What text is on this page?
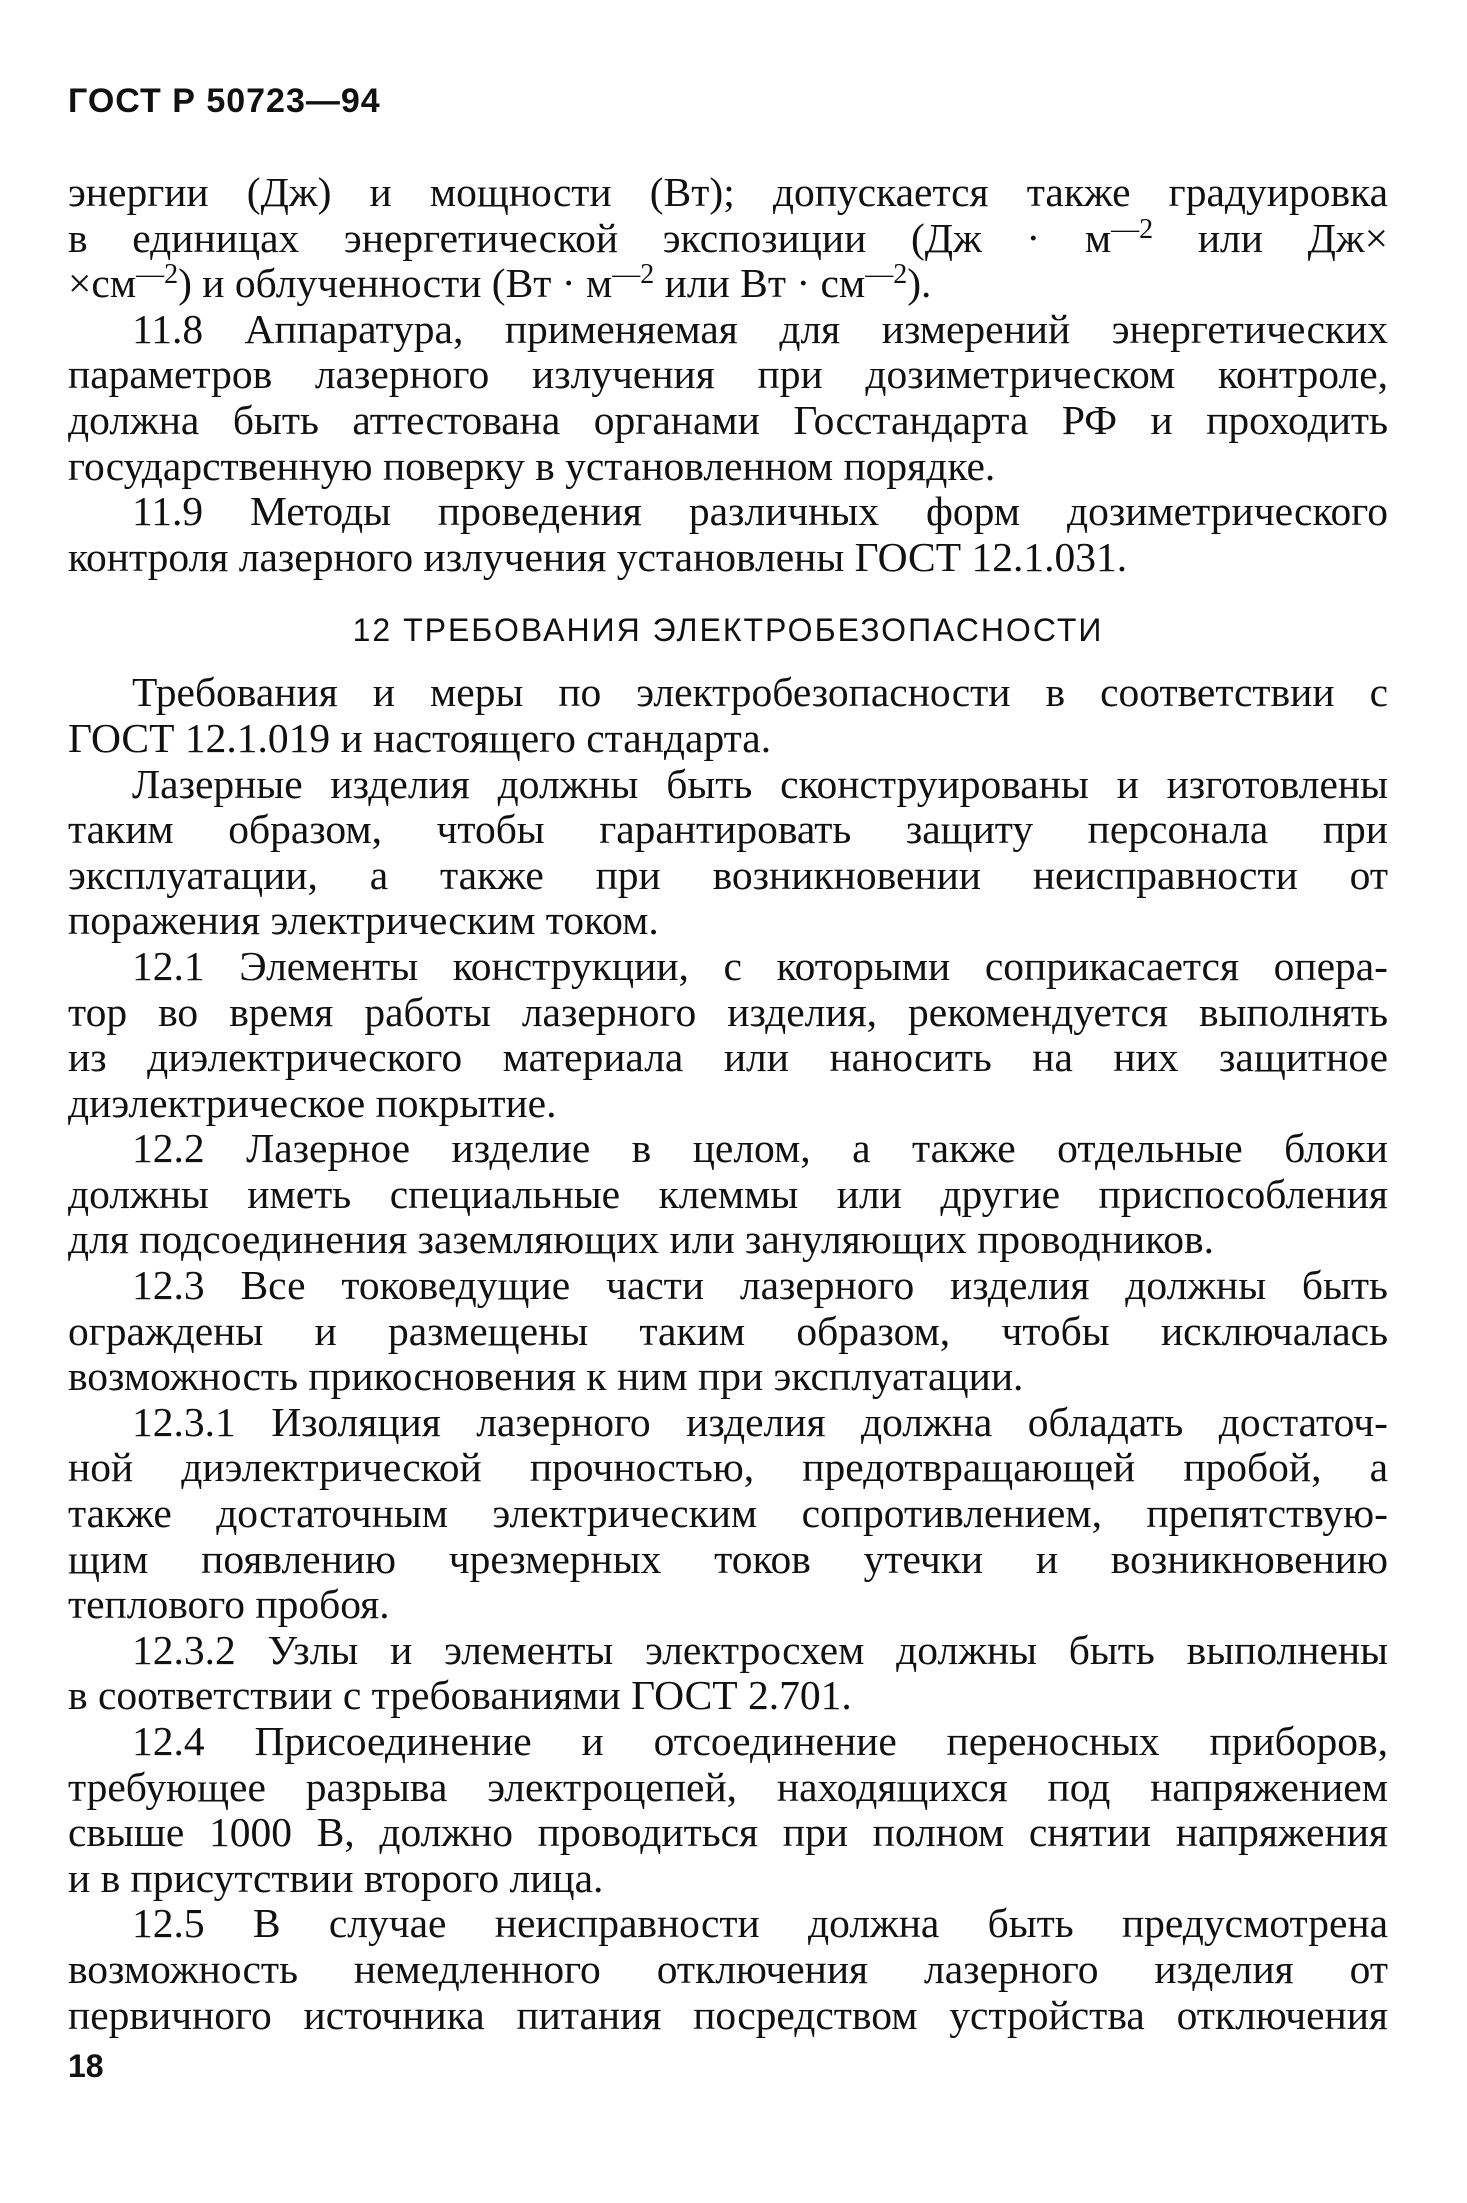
ГОСТ Р 50723—94
энергии (Дж) и мощности (Вт); допускается также градуировка
в единицах энергетической экспозиции ($Дж \cdot м^{—2}$ или Дж×
$\times см^{—2}$) и облученности ($Вт \cdot м^{—2}$ или Вт · $см^{—2}$).
11.8 Аппаратура, применяемая для измерений энергетических
параметров лазерного излучения при дозиметрическом контроле,
должна быть аттестована органами Госстандарта РФ и проходить
государственную поверку в установленном порядке.
11.9 Методы проведения различных форм дозиметрического
контроля лазерного излучения установлены ГОСТ 12.1.031.
12 ТРЕБОВАНИЯ ЭЛЕКТРОБЕЗОПАСНОСТИ
Требования и меры по электробезопасности в соответствии с
ГОСТ 12.1.019 и настоящего стандарта.
Лазерные изделия должны быть сконструированы и изготовлены
таким образом, чтобы гарантировать защиту персонала при
эксплуатации, а также при возникновении неисправности от
поражения электрическим током.
12.1 Элементы конструкции, с которыми соприкасается опера-
тор во время работы лазерного изделия, рекомендуется выполнять
из диэлектрического материала или наносить на них защитное
диэлектрическое покрытие.
12.2 Лазерное изделие в целом, а также отдельные блоки
должны иметь специальные клеммы или другие приспособления
для подсоединения заземляющих или зануляющих проводников.
12.3 Все токоведущие части лазерного изделия должны быть
ограждены и размещены таким образом, чтобы исключалась
возможность прикосновения к ним при эксплуатации.
12.3.1 Изоляция лазерного изделия должна обладать достаточ-
ной диэлектрической прочностью, предотвращающей пробой, а
также достаточным электрическим сопротивлением, препятствую-
щим появлению чрезмерных токов утечки и возникновению
теплового пробоя.
12.3.2 Узлы и элементы электросхем должны быть выполнены
в соответствии с требованиями ГОСТ 2.701.
12.4 Присоединение и отсоединение переносных приборов,
требующее разрыва электроцепей, находящихся под напряжением
свыше 1000 В, должно проводиться при полном снятии напряжения
и в присутствии второго лица.
12.5 В случае неисправности должна быть предусмотрена
возможность немедленного отключения лазерного изделия от
первичного источника питания посредством устройства отключения
18
